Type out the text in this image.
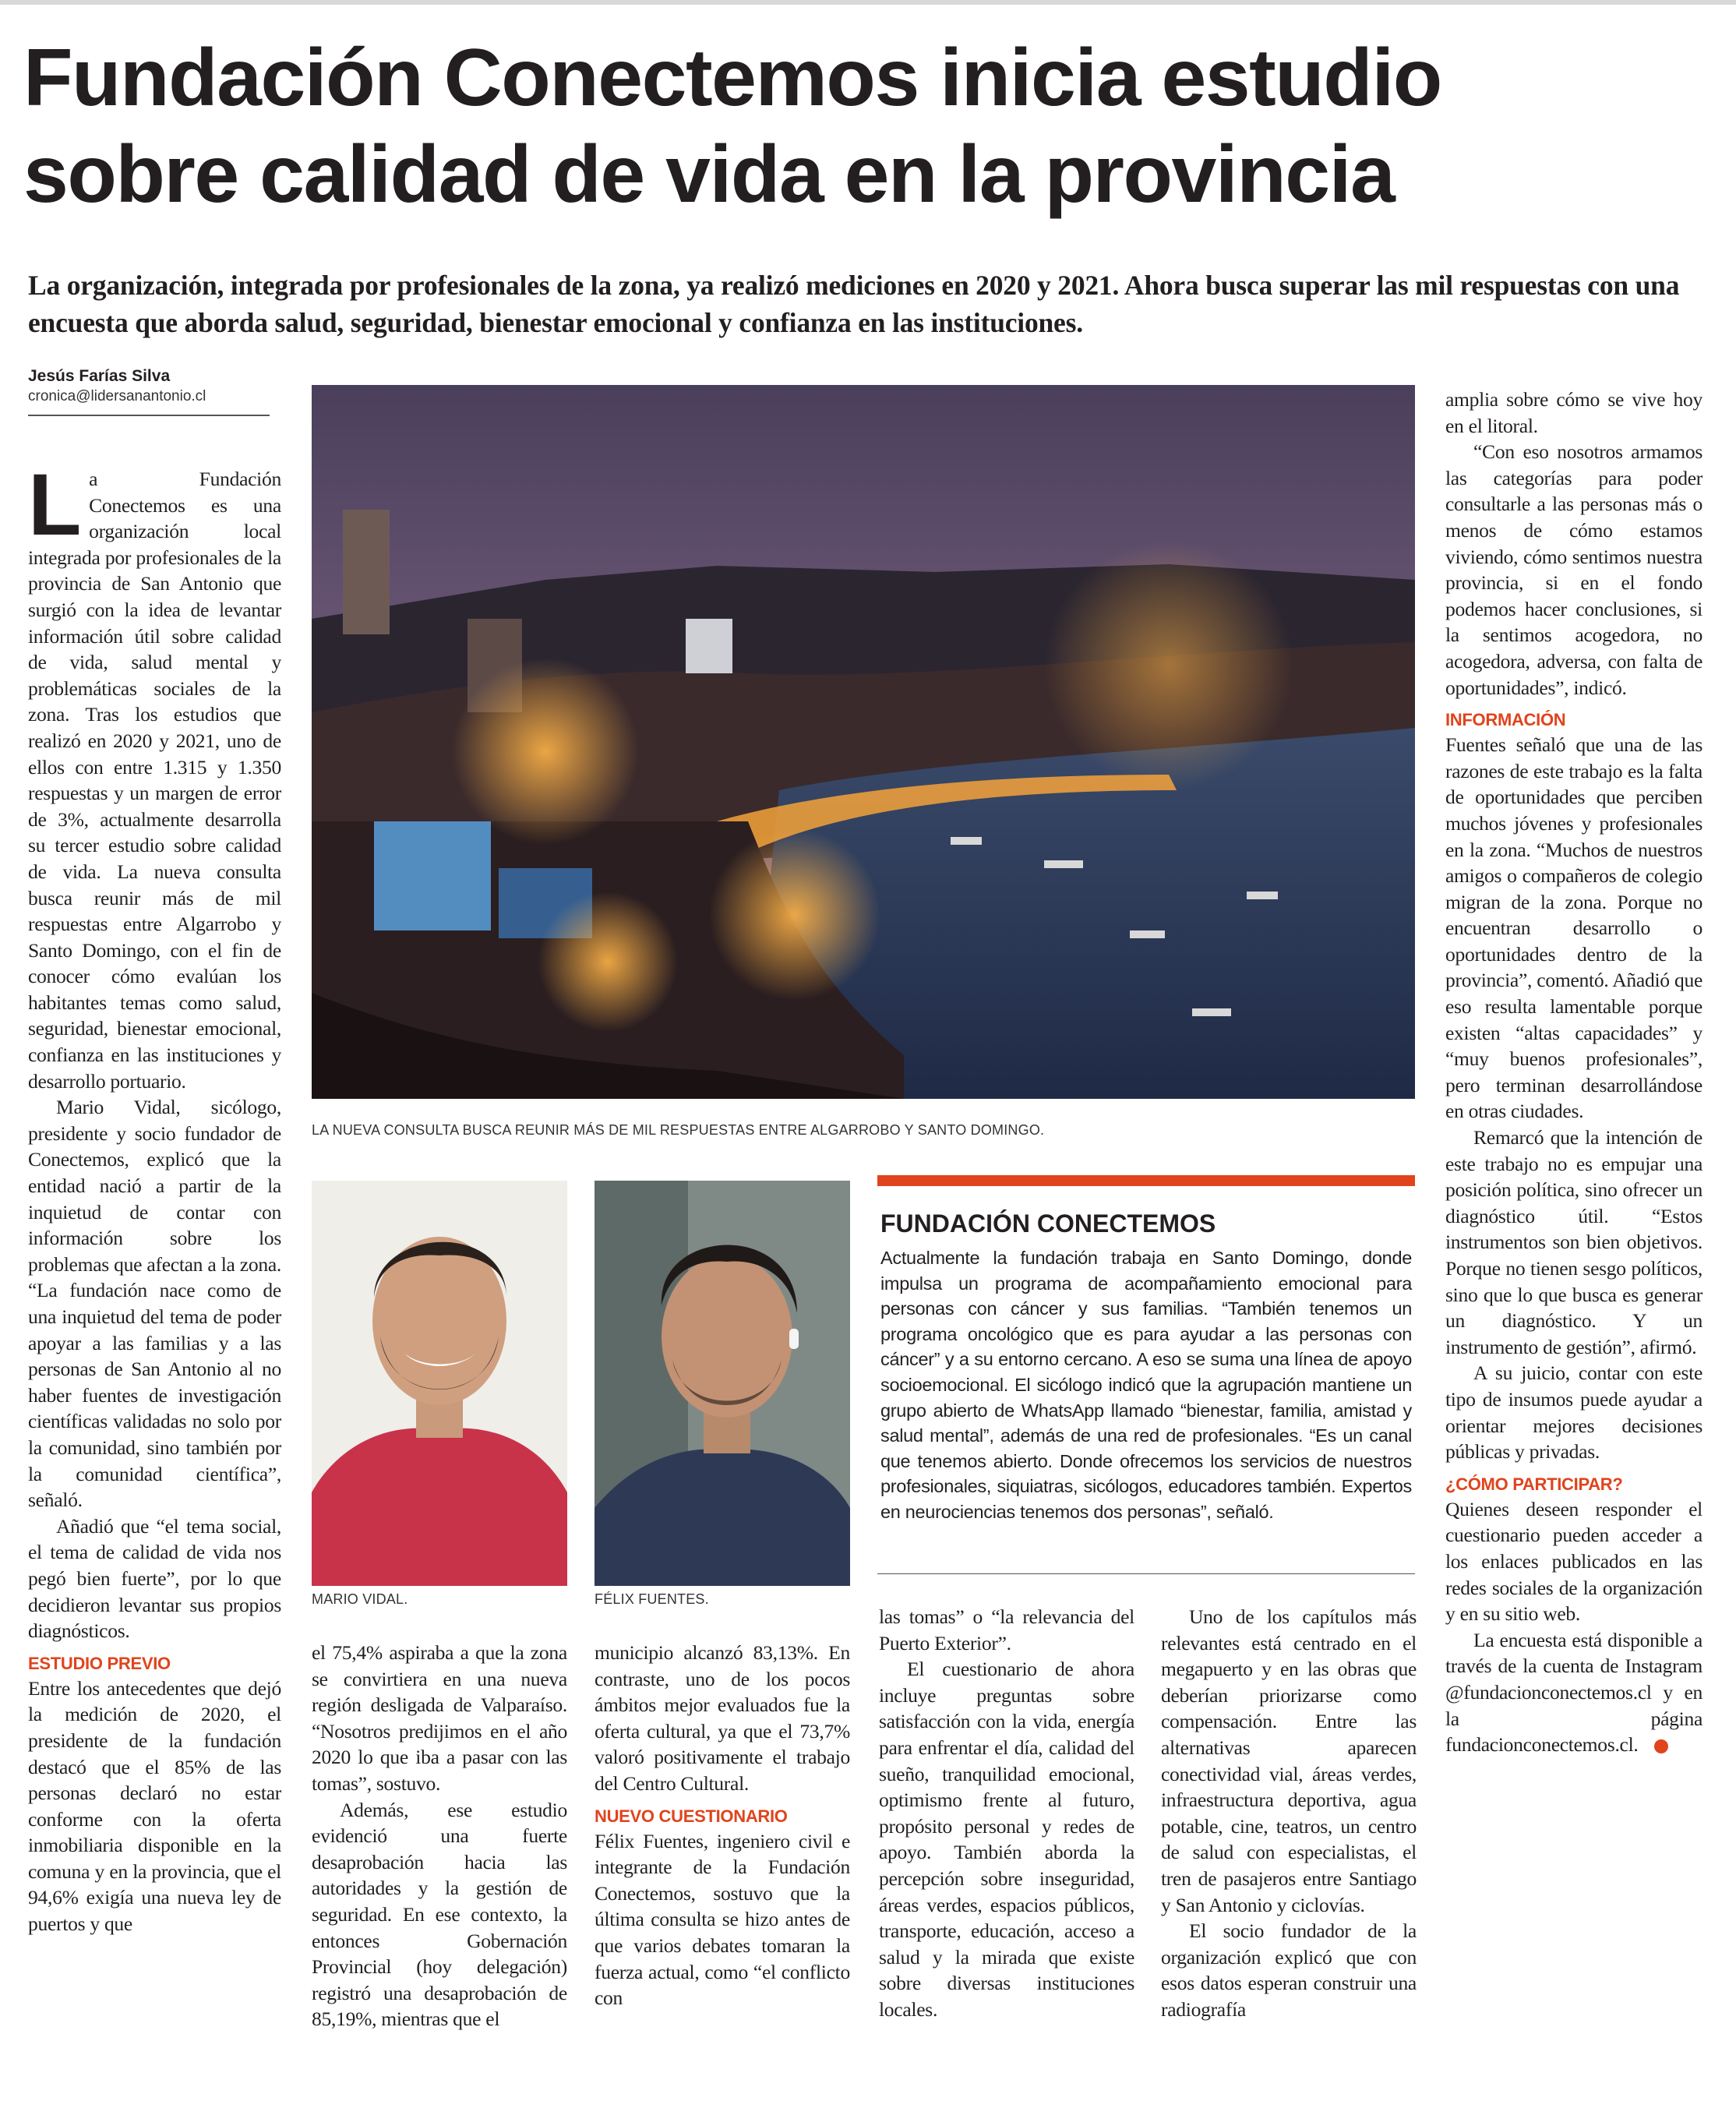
Fundación Conectemos inicia estudio
sobre calidad de vida en la provincia

La organización, integrada por profesionales de la zona, ya realizó mediciones en 2020 y 2021. Ahora busca superar las mil respuestas con una encuesta que aborda salud, seguridad, bienestar emocional y confianza en las instituciones.

Jesús Farías Silva
cronica@lidersanantonio.cl

La Fundación Conectemos es una organización local integrada por profesionales de la provincia de San Antonio que surgió con la idea de levantar información útil sobre calidad de vida, salud mental y problemáticas sociales de la zona. Tras los estudios que realizó en 2020 y 2021, uno de ellos con entre 1.315 y 1.350 respuestas y un margen de error de 3%, actualmente desarrolla su tercer estudio sobre calidad de vida. La nueva consulta busca reunir más de mil respuestas entre Algarrobo y Santo Domingo, con el fin de conocer cómo evalúan los habitantes temas como salud, seguridad, bienestar emocional, confianza en las instituciones y desarrollo portuario.

Mario Vidal, sicólogo, presidente y socio fundador de Conectemos, explicó que la entidad nació a partir de la inquietud de contar con información sobre los problemas que afectan a la zona. “La fundación nace como de una inquietud del tema de poder apoyar a las familias y a las personas de San Antonio al no haber fuentes de investigación científicas validadas no solo por la comunidad, sino también por la comunidad científica”, señaló.

Añadió que “el tema social, el tema de calidad de vida nos pegó bien fuerte”, por lo que decidieron levantar sus propios diagnósticos.

ESTUDIO PREVIO

Entre los antecedentes que dejó la medición de 2020, el presidente de la fundación destacó que el 85% de las personas declaró no estar conforme con la oferta inmobiliaria disponible en la comuna y en la provincia, que el 94,6% exigía una nueva ley de puertos y que

LA NUEVA CONSULTA BUSCA REUNIR MÁS DE MIL RESPUESTAS ENTRE ALGARROBO Y SANTO DOMINGO.
MARIO VIDAL.	FÉLIX FUENTES.
FUNDACIÓN CONECTEMOS
Actualmente la fundación trabaja en Santo Domingo, donde impulsa un programa de acompañamiento emocional para personas con cáncer y sus familias. “También tenemos un programa oncológico que es para ayudar a las personas con cáncer” y a su entorno cercano. A eso se suma una línea de apoyo socioemocional. El sicólogo indicó que la agrupación mantiene un grupo abierto de WhatsApp llamado “bienestar, familia, amistad y salud mental”, además de una red de profesionales. “Es un canal que tenemos abierto. Donde ofrecemos los servicios de nuestros profesionales, siquiatras, sicólogos, educadores también. Expertos en neurociencias tenemos dos personas”, señaló.

el 75,4% aspiraba a que la zona se convirtiera en una nueva región desligada de Valparaíso. “Nosotros predijimos en el año 2020 lo que iba a pasar con las tomas”, sostuvo.

Además, ese estudio evidenció una fuerte desaprobación hacia las autoridades y la gestión de seguridad. En ese contexto, la entonces Gobernación Provincial (hoy delegación) registró una desaprobación de 85,19%, mientras que el

municipio alcanzó 83,13%. En contraste, uno de los pocos ámbitos mejor evaluados fue la oferta cultural, ya que el 73,7% valoró positivamente el trabajo del Centro Cultural.

NUEVO CUESTIONARIO

Félix Fuentes, ingeniero civil e integrante de la Fundación Conectemos, sostuvo que la última consulta se hizo antes de que varios debates tomaran la fuerza actual, como “el conflicto con

las tomas” o “la relevancia del Puerto Exterior”.

El cuestionario de ahora incluye preguntas sobre satisfacción con la vida, energía para enfrentar el día, calidad del sueño, tranquilidad emocional, optimismo frente al futuro, propósito personal y redes de apoyo. También aborda la percepción sobre inseguridad, áreas verdes, espacios públicos, transporte, educación, acceso a salud y la mirada que existe sobre diversas instituciones locales.

Uno de los capítulos más relevantes está centrado en el megapuerto y en las obras que deberían priorizarse como compensación. Entre las alternativas aparecen conectividad vial, áreas verdes, infraestructura deportiva, agua potable, cine, teatros, un centro de salud con especialistas, el tren de pasajeros entre Santiago y San Antonio y ciclovías.

El socio fundador de la organización explicó que con esos datos esperan construir una radiografía

amplia sobre cómo se vive hoy en el litoral.

“Con eso nosotros armamos las categorías para poder consultarle a las personas más o menos de cómo estamos viviendo, cómo sentimos nuestra provincia, si en el fondo podemos hacer conclusiones, si la sentimos acogedora, no acogedora, adversa, con falta de oportunidades”, indicó.

INFORMACIÓN

Fuentes señaló que una de las razones de este trabajo es la falta de oportunidades que perciben muchos jóvenes y profesionales en la zona. “Muchos de nuestros amigos o compañeros de colegio migran de la zona. Porque no encuentran desarrollo o oportunidades dentro de la provincia”, comentó. Añadió que eso resulta lamentable porque existen “altas capacidades” y “muy buenos profesionales”, pero terminan desarrollándose en otras ciudades.

Remarcó que la intención de este trabajo no es empujar una posición política, sino ofrecer un diagnóstico útil. “Estos instrumentos son bien objetivos. Porque no tienen sesgo políticos, sino que lo que busca es generar un diagnóstico. Y un instrumento de gestión”, afirmó.

A su juicio, contar con este tipo de insumos puede ayudar a orientar mejores decisiones públicas y privadas.

¿CÓMO PARTICIPAR?

Quienes deseen responder el cuestionario pueden acceder a los enlaces publicados en las redes sociales de la organización y en su sitio web.

La encuesta está disponible a través de la cuenta de Instagram @fundacionconectemos.cl y en la página fundacionconectemos.cl.	✪
